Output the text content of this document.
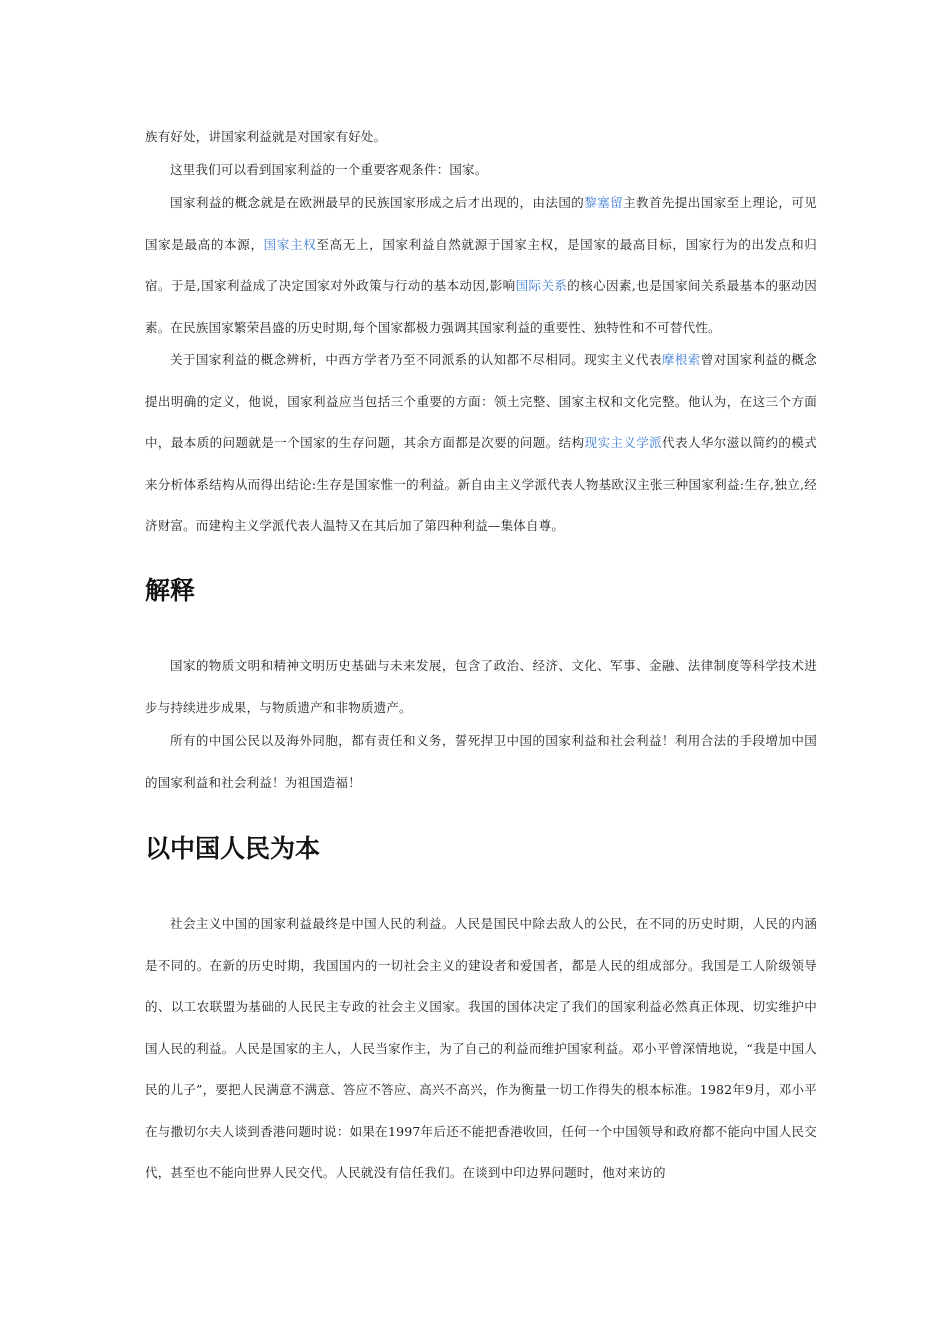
族有好处，讲国家利益就是对国家有好处。

这里我们可以看到国家利益的一个重要客观条件：国家。

国家利益的概念就是在欧洲最早的民族国家形成之后才出现的，由法国的黎塞留主教首先提出国家至上理论，可见国家是最高的本源，国家主权至高无上，国家利益自然就源于国家主权，是国家的最高目标，国家行为的出发点和归宿。于是,国家利益成了决定国家对外政策与行动的基本动因,影响国际关系的核心因素,也是国家间关系最基本的驱动因素。在民族国家繁荣昌盛的历史时期,每个国家都极力强调其国家利益的重要性、独特性和不可替代性。

关于国家利益的概念辨析，中西方学者乃至不同派系的认知都不尽相同。现实主义代表摩根索曾对国家利益的概念提出明确的定义，他说，国家利益应当包括三个重要的方面：领土完整、国家主权和文化完整。他认为，在这三个方面中，最本质的问题就是一个国家的生存问题，其余方面都是次要的问题。结构现实主义学派代表人华尔滋以简约的模式来分析体系结构从而得出结论:生存是国家惟一的利益。新自由主义学派代表人物基欧汉主张三种国家利益:生存,独立,经济财富。而建构主义学派代表人温特又在其后加了第四种利益—集体自尊。

解释

国家的物质文明和精神文明历史基础与未来发展，包含了政治、经济、文化、军事、金融、法律制度等科学技术进步与持续进步成果，与物质遗产和非物质遗产。

所有的中国公民以及海外同胞，都有责任和义务，誓死捍卫中国的国家利益和社会利益！利用合法的手段增加中国的国家利益和社会利益！为祖国造福！

以中国人民为本

社会主义中国的国家利益最终是中国人民的利益。人民是国民中除去敌人的公民，在不同的历史时期，人民的内涵是不同的。在新的历史时期，我国国内的一切社会主义的建设者和爱国者，都是人民的组成部分。我国是工人阶级领导的、以工农联盟为基础的人民民主专政的社会主义国家。我国的国体决定了我们的国家利益必然真正体现、切实维护中国人民的利益。人民是国家的主人，人民当家作主，为了自己的利益而维护国家利益。邓小平曾深情地说，“我是中国人民的儿子”，要把人民满意不满意、答应不答应、高兴不高兴，作为衡量一切工作得失的根本标准。1982年9月，邓小平在与撒切尔夫人谈到香港问题时说：如果在1997年后还不能把香港收回，任何一个中国领导和政府都不能向中国人民交代，甚至也不能向世界人民交代。人民就没有信任我们。在谈到中印边界问题时，他对来访的
